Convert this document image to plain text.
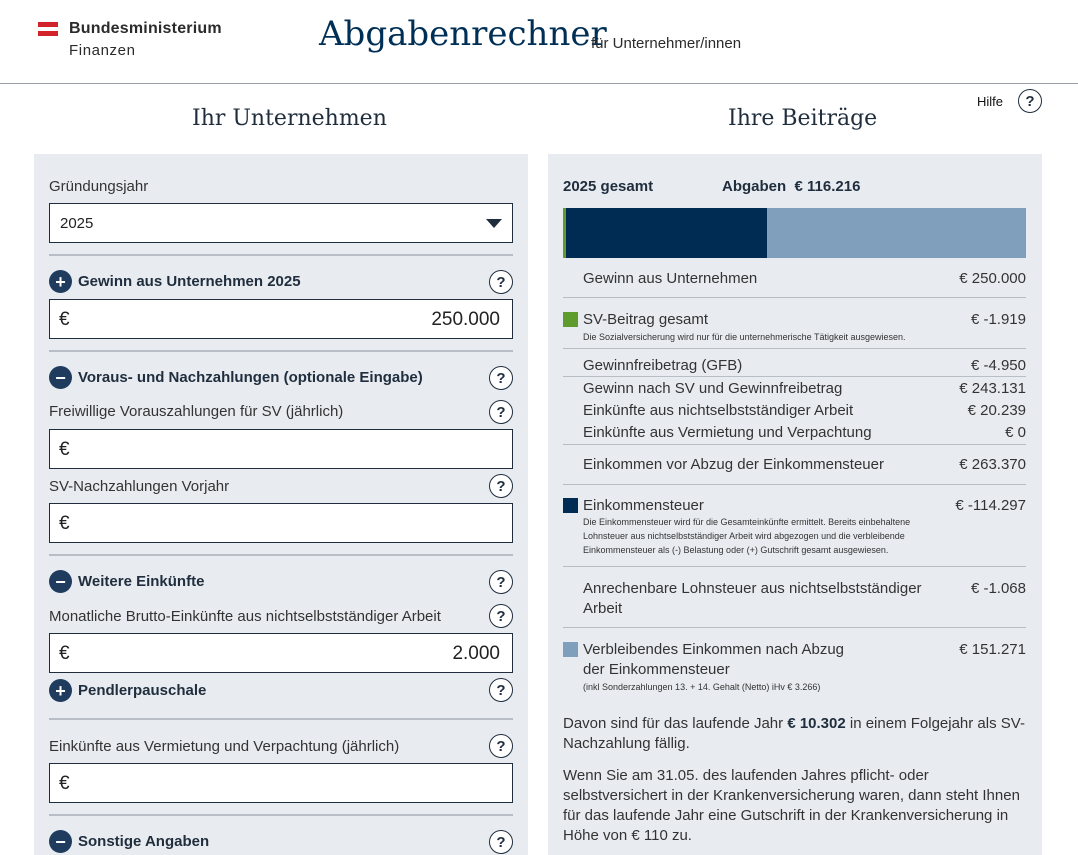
Bundesministerium
Finanzen	Abgabenrechner
für Unternehmer/innen
Ihr Unternehmen	Ihre Beiträge
Hilfe	?
Gründungsjahr
2025
+ Gewinn aus Unternehmen 2025	?
€	250.000
− Voraus- und Nachzahlungen (optionale Eingabe)	?
Freiwillige Vorauszahlungen für SV (jährlich)	?
€
SV-Nachzahlungen Vorjahr	?
€
− Weitere Einkünfte	?
Monatliche Brutto-Einkünfte aus nichtselbstständiger Arbeit	?
€	2.000
+ Pendlerpauschale	?
Einkünfte aus Vermietung und Verpachtung (jährlich)	?
€
− Sonstige Angaben	?
2025 gesamt	Abgaben € 116.216
Gewinn aus Unternehmen	€ 250.000
SV-Beitrag gesamt	€ -1.919
Die Sozialversicherung wird nur für die unternehmerische Tätigkeit ausgewiesen.
Gewinnfreibetrag (GFB)	€ -4.950
Gewinn nach SV und Gewinnfreibetrag	€ 243.131
Einkünfte aus nichtselbstständiger Arbeit	€ 20.239
Einkünfte aus Vermietung und Verpachtung	€ 0
Einkommen vor Abzug der Einkommensteuer	€ 263.370
Einkommensteuer	€ -114.297
Die Einkommensteuer wird für die Gesamteinkünfte ermittelt. Bereits einbehaltene
Lohnsteuer aus nichtselbstständiger Arbeit wird abgezogen und die verbleibende
Einkommensteuer als (-) Belastung oder (+) Gutschrift gesamt ausgewiesen.
Anrechenbare Lohnsteuer aus nichtselbstständiger	€ -1.068
Arbeit
Verbleibendes Einkommen nach Abzug	€ 151.271
der Einkommensteuer
(inkl Sonderzahlungen 13. + 14. Gehalt (Netto) iHv € 3.266)
Davon sind für das laufende Jahr € 10.302 in einem Folgejahr als SV-Nachzahlung fällig.
Wenn Sie am 31.05. des laufenden Jahres pflicht- oder selbstversichert in der Krankenversicherung waren, dann steht Ihnen für das laufende Jahr eine Gutschrift in der Krankenversicherung in Höhe von € 110 zu.
